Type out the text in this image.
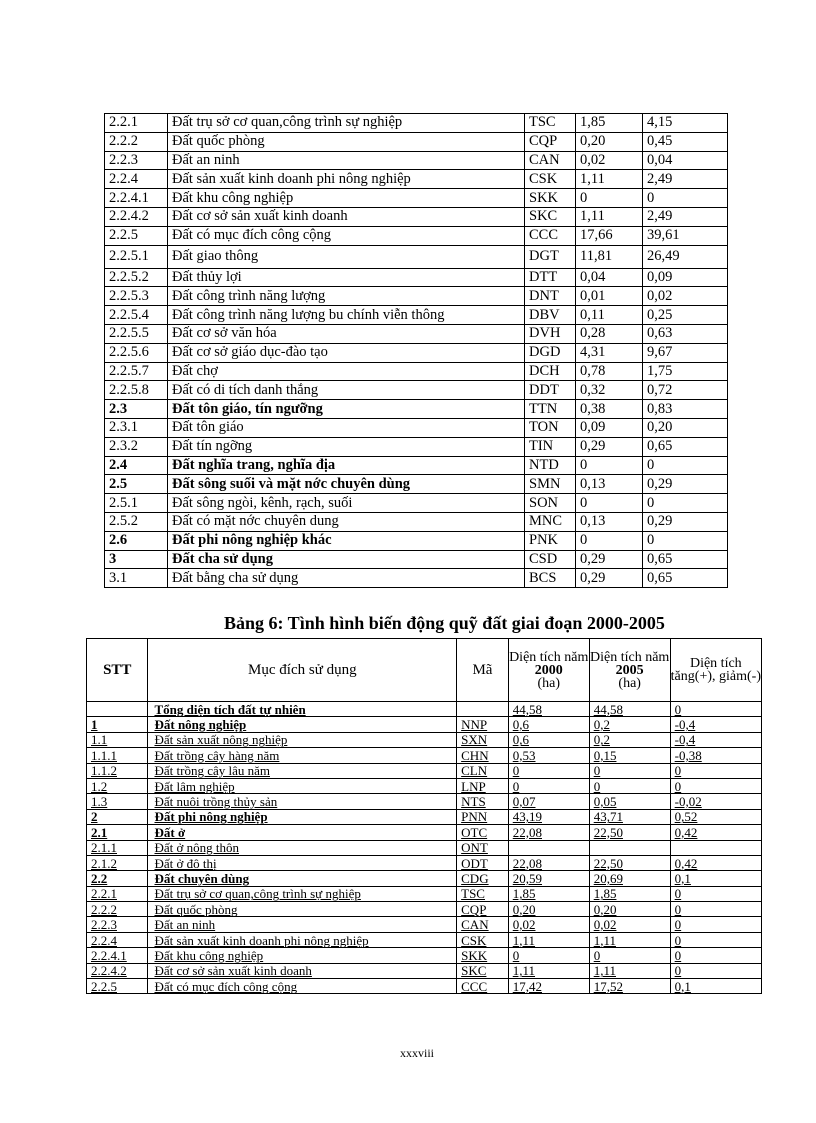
2.2.1	Đất trụ sở cơ quan,công trình sự nghiệp	TSC	1,85	4,15
2.2.2	Đất quốc phòng	CQP	0,20	0,45
2.2.3	Đất an ninh	CAN	0,02	0,04
2.2.4	Đất sản xuất kinh doanh phi nông nghiệp	CSK	1,11	2,49
2.2.4.1	Đất khu công nghiệp	SKK	0	0
2.2.4.2	Đất cơ sở sản xuất kinh doanh	SKC	1,11	2,49
2.2.5	Đất có mục đích công cộng	CCC	17,66	39,61
2.2.5.1	Đất giao thông	DGT	11,81	26,49
2.2.5.2	Đất thủy lợi	DTT	0,04	0,09
2.2.5.3	Đất công trình năng lượng	DNT	0,01	0,02
2.2.5.4	Đất công trình năng lượng bu chính viễn thông	DBV	0,11	0,25
2.2.5.5	Đất cơ sở văn hóa	DVH	0,28	0,63
2.2.5.6	Đất cơ sở giáo dục-đào tạo	DGD	4,31	9,67
2.2.5.7	Đất chợ	DCH	0,78	1,75
2.2.5.8	Đất có di tích danh thắng	DDT	0,32	0,72
2.3	Đất tôn giáo, tín ngưỡng	TTN	0,38	0,83
2.3.1	Đất tôn giáo	TON	0,09	0,20
2.3.2	Đất tín ngỡng	TIN	0,29	0,65
2.4	Đất nghĩa trang, nghĩa địa	NTD	0	0
2.5	Đất sông suối và mặt nớc chuyên dùng	SMN	0,13	0,29
2.5.1	Đất sông ngòi, kênh, rạch, suối	SON	0	0
2.5.2	Đất có mặt nớc chuyên dung	MNC	0,13	0,29
2.6	Đất phi nông nghiệp khác	PNK	0	0
3	Đất cha sử dụng	CSD	0,29	0,65
3.1	Đất bằng cha sử dụng	BCS	0,29	0,65
Bảng 6: Tình hình biến động quỹ đất giai đoạn 2000-2005
STT	Mục đích sử dụng	Mã	Diện tích năm
2000
(ha)	Diện tích năm
2005
(ha)	Diện tích
tăng(+), giảm(-)
	Tổng diện tích đất tự nhiên		44,58	44,58	0
1	Đất nông nghiệp	NNP	0,6	0,2	-0,4
1.1	Đất sản xuất nông nghiệp	SXN	0,6	0,2	-0,4
1.1.1	Đất trồng cây hàng năm	CHN	0,53	0,15	-0,38
1.1.2	Đất trồng cây lâu năm	CLN	0	0	0
1.2	Đất lâm nghiệp	LNP	0	0	0
1.3	Đất nuôi trồng thủy sản	NTS	0,07	0,05	-0,02
2	Đất phi nông nghiệp	PNN	43,19	43,71	0,52
2.1	Đất ở	OTC	22,08	22,50	0,42
2.1.1	Đất ở nông thôn	ONT			
2.1.2	Đất ở đô thị	ODT	22,08	22,50	0,42
2.2	Đất chuyên dùng	CDG	20,59	20,69	0,1
2.2.1	Đất trụ sở cơ quan,công trình sự nghiệp	TSC	1,85	1,85	0
2.2.2	Đất quốc phòng	CQP	0,20	0,20	0
2.2.3	Đất an ninh	CAN	0,02	0,02	0
2.2.4	Đất sản xuất kinh doanh phi nông nghiệp	CSK	1,11	1,11	0
2.2.4.1	Đất khu công nghiệp	SKK	0	0	0
2.2.4.2	Đất cơ sở sản xuất kinh doanh	SKC	1,11	1,11	0
2.2.5	Đất có mục đích công cộng	CCC	17,42	17,52	0,1
xxxviii
